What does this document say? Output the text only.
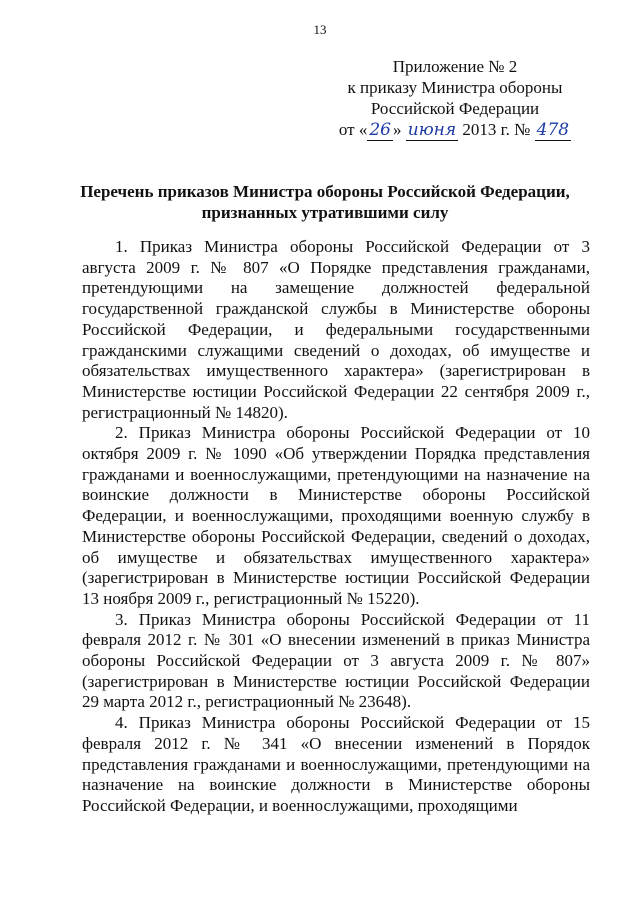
13
Приложение № 2
к приказу Министра обороны
Российской Федерации
от « 26 » июня 2013 г. № 478
Перечень приказов Министра обороны Российской Федерации,
признанных утратившими силу

1. Приказ Министра обороны Российской Федерации от 3 августа 2009 г. № 807 «О Порядке представления гражданами, претендующими на замещение должностей федеральной государственной гражданской службы в Министерстве обороны Российской Федерации, и федеральными государственными гражданскими служащими сведений о доходах, об имуществе и обязательствах имущественного характера» (зарегистрирован в Министерстве юстиции Российской Федерации 22 сентября 2009 г., регистрационный № 14820).

2. Приказ Министра обороны Российской Федерации от 10 октября 2009 г. № 1090 «Об утверждении Порядка представления гражданами и военнослужащими, претендующими на назначение на воинские должности в Министерстве обороны Российской Федерации, и военнослужащими, проходящими военную службу в Министерстве обороны Российской Федерации, сведений о доходах, об имуществе и обязательствах имущественного характера» (зарегистрирован в Министерстве юстиции Российской Федерации 13 ноября 2009 г., регистрационный № 15220).

3. Приказ Министра обороны Российской Федерации от 11 февраля 2012 г. № 301 «О внесении изменений в приказ Министра обороны Российской Федерации от 3 августа 2009 г. № 807» (зарегистрирован в Министерстве юстиции Российской Федерации 29 марта 2012 г., регистрационный № 23648).

4. Приказ Министра обороны Российской Федерации от 15 февраля 2012 г. № 341 «О внесении изменений в Порядок представления гражданами и военнослужащими, претендующими на назначение на воинские должности в Министерстве обороны Российской Федерации, и военнослужащими, проходящими
